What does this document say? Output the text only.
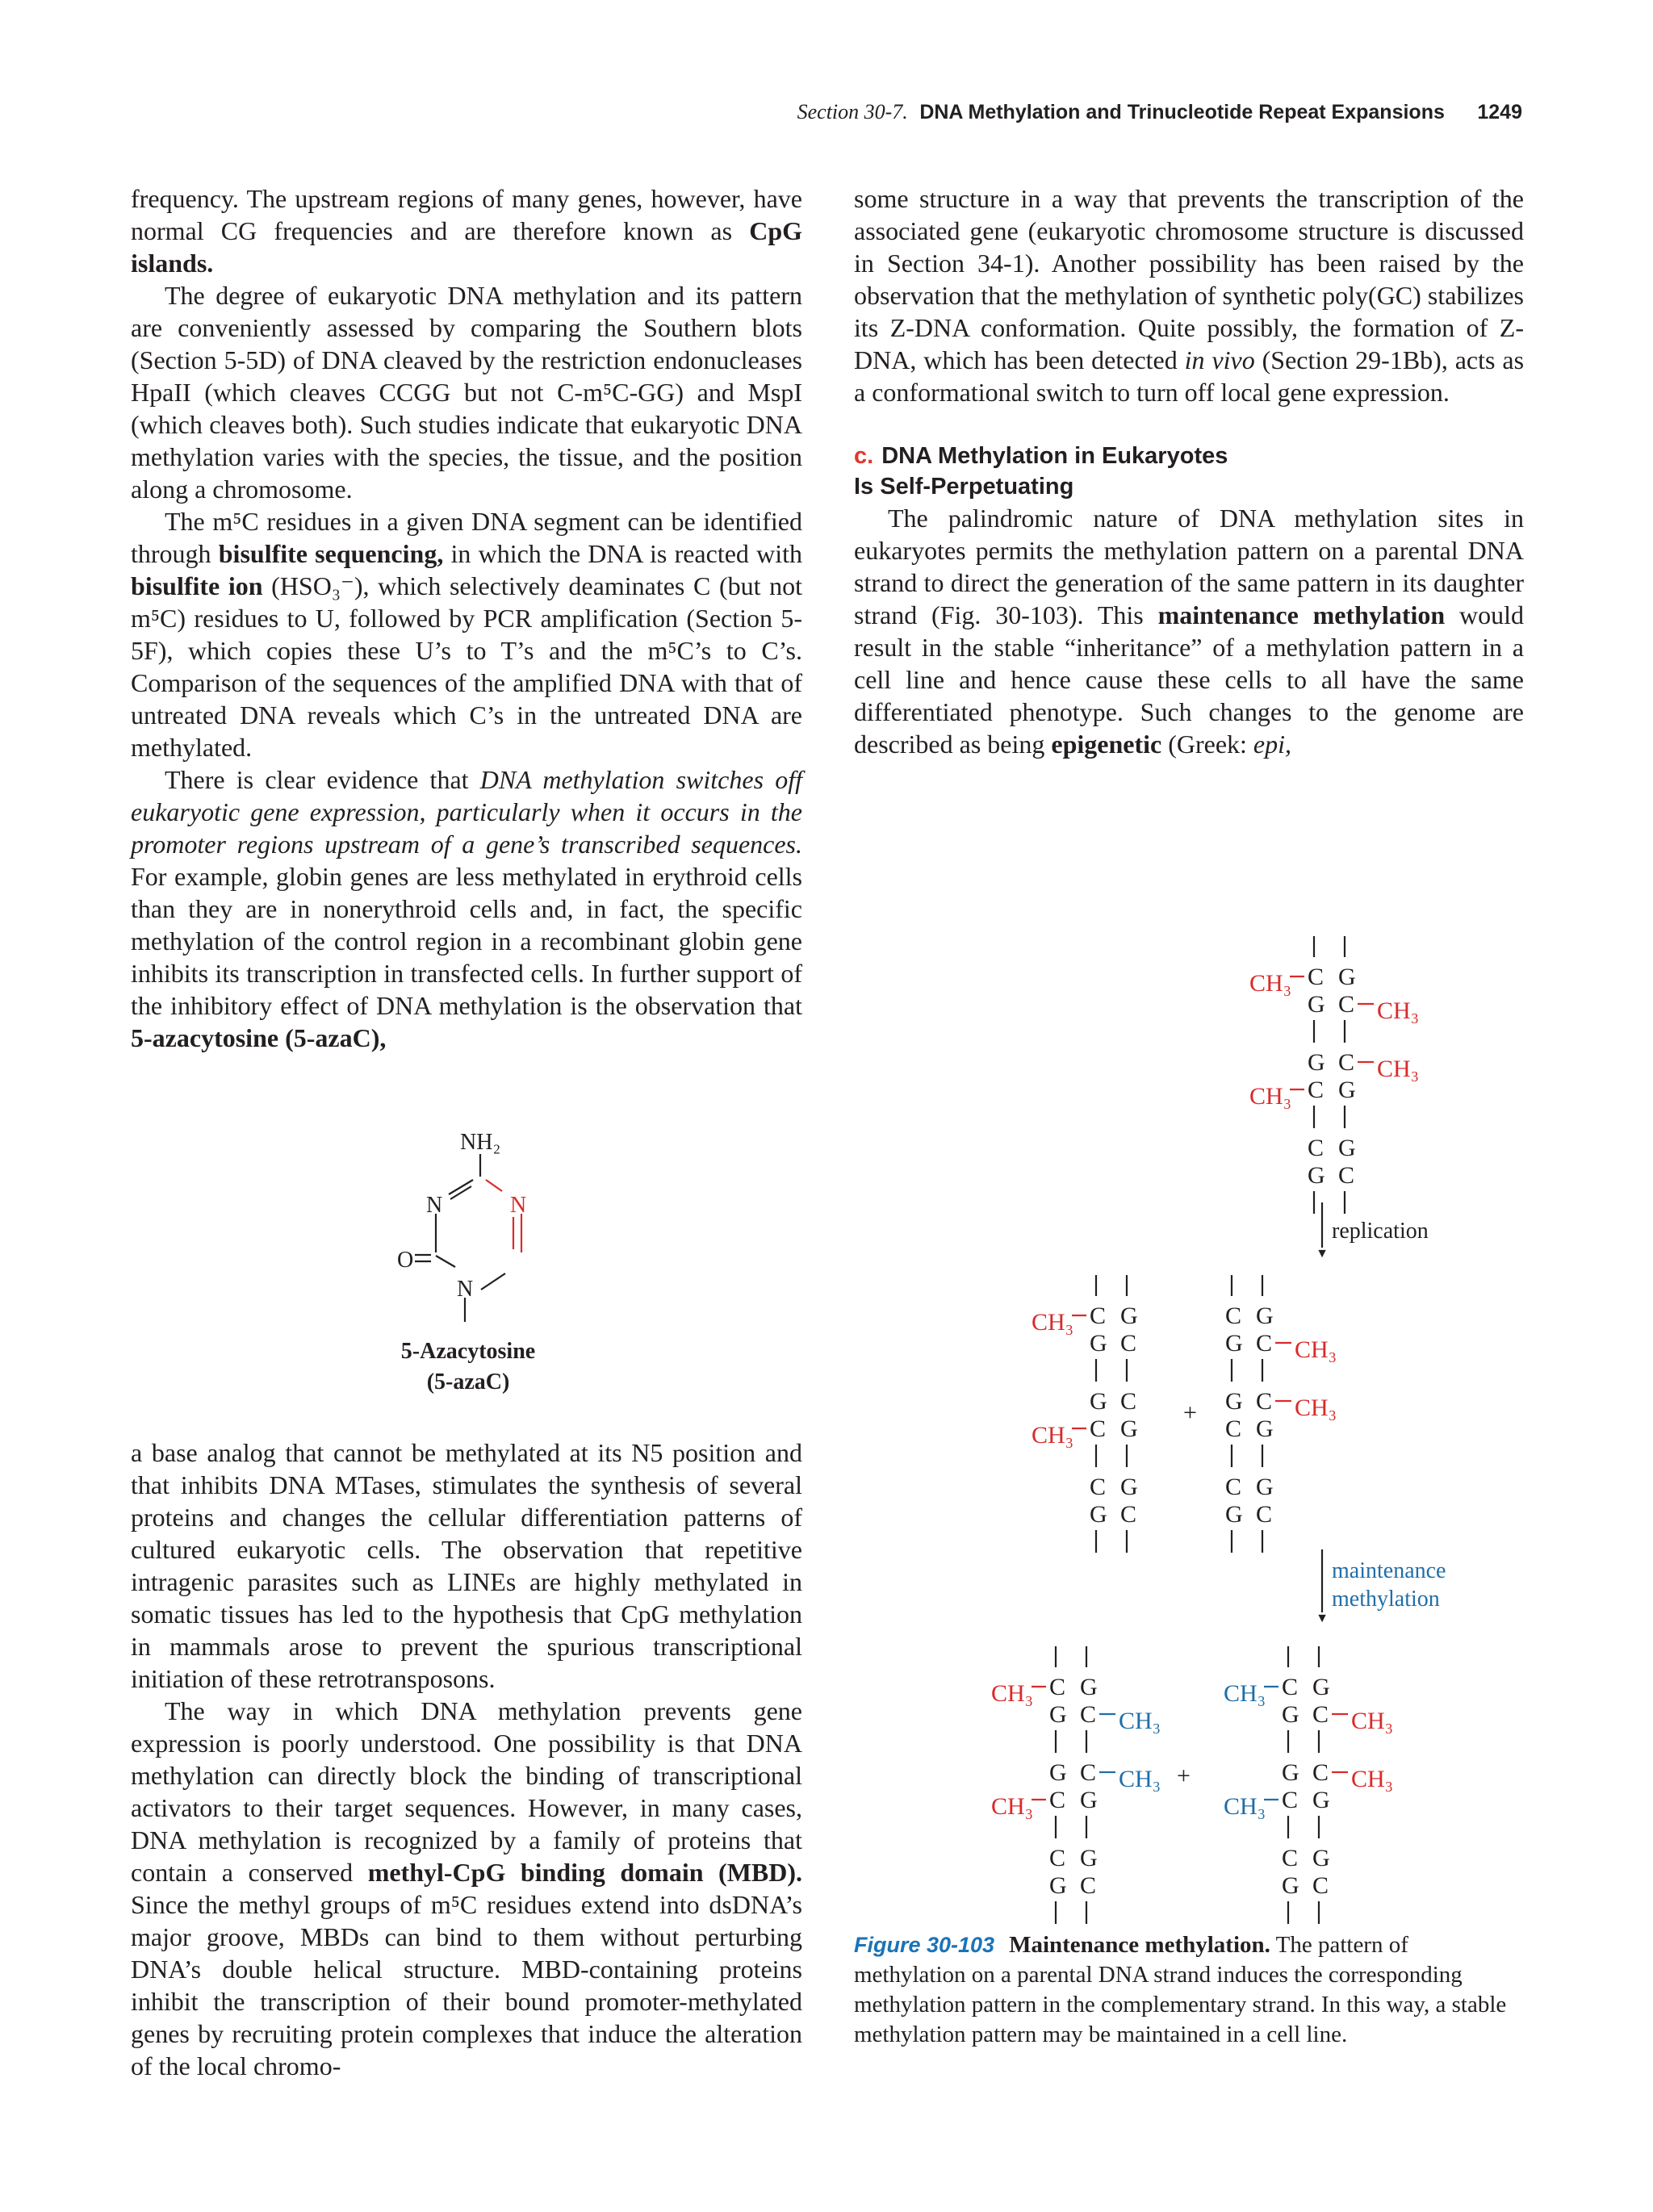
Section 30-7. DNA Methylation and Trinucleotide Repeat Expansions 1249

frequency. The upstream regions of many genes, however, have normal CG frequencies and are therefore known as CpG islands.

The degree of eukaryotic DNA methylation and its pattern are conveniently assessed by comparing the Southern blots (Section 5-5D) of DNA cleaved by the restriction endonucleases HpaII (which cleaves CCGG but not C-m⁵C-GG) and MspI (which cleaves both). Such studies indicate that eukaryotic DNA methylation varies with the species, the tissue, and the position along a chromosome.

The m⁵C residues in a given DNA segment can be identified through bisulfite sequencing, in which the DNA is reacted with bisulfite ion (HSO₃⁻), which selectively deaminates C (but not m⁵C) residues to U, followed by PCR amplification (Section 5-5F), which copies these U’s to T’s and the m⁵C’s to C’s. Comparison of the sequences of the amplified DNA with that of untreated DNA reveals which C’s in the untreated DNA are methylated.

There is clear evidence that DNA methylation switches off eukaryotic gene expression, particularly when it occurs in the promoter regions upstream of a gene’s transcribed sequences. For example, globin genes are less methylated in erythroid cells than they are in nonerythroid cells and, in fact, the specific methylation of the control region in a recombinant globin gene inhibits its transcription in transfected cells. In further support of the inhibitory effect of DNA methylation is the observation that 5-azacytosine (5-azaC),

NH₂
N	N
O
N
5-Azacytosine
(5-azaC)

a base analog that cannot be methylated at its N5 position and that inhibits DNA MTases, stimulates the synthesis of several proteins and changes the cellular differentiation patterns of cultured eukaryotic cells. The observation that repetitive intragenic parasites such as LINEs are highly methylated in somatic tissues has led to the hypothesis that CpG methylation in mammals arose to prevent the spurious transcriptional initiation of these retrotransposons.

The way in which DNA methylation prevents gene expression is poorly understood. One possibility is that DNA methylation can directly block the binding of transcriptional activators to their target sequences. However, in many cases, DNA methylation is recognized by a family of proteins that contain a conserved methyl-CpG binding domain (MBD). Since the methyl groups of m⁵C residues extend into dsDNA’s major groove, MBDs can bind to them without perturbing DNA’s double helical structure. MBD-containing proteins inhibit the transcription of their bound promoter-methylated genes by recruiting protein complexes that induce the alteration of the local chromo-

some structure in a way that prevents the transcription of the associated gene (eukaryotic chromosome structure is discussed in Section 34-1). Another possibility has been raised by the observation that the methylation of synthetic poly(GC) stabilizes its Z-DNA conformation. Quite possibly, the formation of Z-DNA, which has been detected in vivo (Section 29-1Bb), acts as a conformational switch to turn off local gene expression.

c. DNA Methylation in Eukaryotes
Is Self-Perpetuating

The palindromic nature of DNA methylation sites in eukaryotes permits the methylation pattern on a parental DNA strand to direct the generation of the same pattern in its daughter strand (Fig. 30-103). This maintenance methylation would result in the stable “inheritance” of a methylation pattern in a cell line and hence cause these cells to all have the same differentiated phenotype. Such changes to the genome are described as being epigenetic (Greek: epi,

C G
CH₃
G C CH₃
G C CH₃
C G
CH₃
C G
G C
▼
replication
C G
CH₃
G C
G C
C G
CH₃
C G
G C
C G
G C CH₃
G C CH₃
C G
C G
G C
+
▼
maintenance
methylation
C G
CH₃
G C CH₃
G C CH₃
C G
CH₃
C G
G C
C G
CH₃
G C CH₃
G C CH₃
C G
CH₃
C G
G C
+
Figure 30-103 Maintenance methylation. The pattern of methylation on a parental DNA strand induces the corresponding methylation pattern in the complementary strand. In this way, a stable methylation pattern may be maintained in a cell line.
